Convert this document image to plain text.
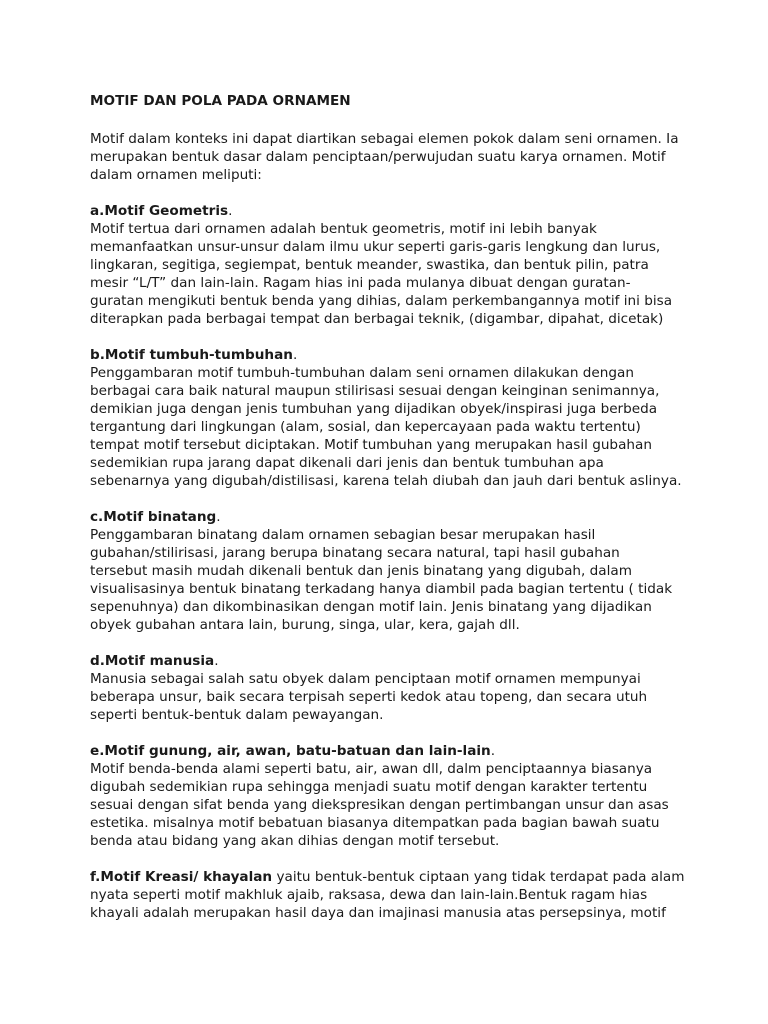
MOTIF DAN POLA PADA ORNAMEN
Motif dalam konteks ini dapat diartikan sebagai elemen pokok dalam seni ornamen. Ia
merupakan bentuk dasar dalam penciptaan/perwujudan suatu karya ornamen. Motif
dalam ornamen meliputi:
a.Motif Geometris.
Motif tertua dari ornamen adalah bentuk geometris, motif ini lebih banyak
memanfaatkan unsur-unsur dalam ilmu ukur seperti garis-garis lengkung dan lurus,
lingkaran, segitiga, segiempat, bentuk meander, swastika, dan bentuk pilin, patra
mesir “L/T” dan lain-lain. Ragam hias ini pada mulanya dibuat dengan guratan-
guratan mengikuti bentuk benda yang dihias, dalam perkembangannya motif ini bisa
diterapkan pada berbagai tempat dan berbagai teknik, (digambar, dipahat, dicetak)
b.Motif tumbuh-tumbuhan.
Penggambaran motif tumbuh-tumbuhan dalam seni ornamen dilakukan dengan
berbagai cara baik natural maupun stilirisasi sesuai dengan keinginan senimannya,
demikian juga dengan jenis tumbuhan yang dijadikan obyek/inspirasi juga berbeda
tergantung dari lingkungan (alam, sosial, dan kepercayaan pada waktu tertentu)
tempat motif tersebut diciptakan. Motif tumbuhan yang merupakan hasil gubahan
sedemikian rupa jarang dapat dikenali dari jenis dan bentuk tumbuhan apa
sebenarnya yang digubah/distilisasi, karena telah diubah dan jauh dari bentuk aslinya.
c.Motif binatang.
Penggambaran binatang dalam ornamen sebagian besar merupakan hasil
gubahan/stilirisasi, jarang berupa binatang secara natural, tapi hasil gubahan
tersebut masih mudah dikenali bentuk dan jenis binatang yang digubah, dalam
visualisasinya bentuk binatang terkadang hanya diambil pada bagian tertentu ( tidak
sepenuhnya) dan dikombinasikan dengan motif lain. Jenis binatang yang dijadikan
obyek gubahan antara lain, burung, singa, ular, kera, gajah dll.
d.Motif manusia.
Manusia sebagai salah satu obyek dalam penciptaan motif ornamen mempunyai
beberapa unsur, baik secara terpisah seperti kedok atau topeng, dan secara utuh
seperti bentuk-bentuk dalam pewayangan.
e.Motif gunung, air, awan, batu-batuan dan lain-lain.
Motif benda-benda alami seperti batu, air, awan dll, dalm penciptaannya biasanya
digubah sedemikian rupa sehingga menjadi suatu motif dengan karakter tertentu
sesuai dengan sifat benda yang diekspresikan dengan pertimbangan unsur dan asas
estetika. misalnya motif bebatuan biasanya ditempatkan pada bagian bawah suatu
benda atau bidang yang akan dihias dengan motif tersebut.
f.Motif Kreasi/ khayalan yaitu bentuk-bentuk ciptaan yang tidak terdapat pada alam
nyata seperti motif makhluk ajaib, raksasa, dewa dan lain-lain.Bentuk ragam hias
khayali adalah merupakan hasil daya dan imajinasi manusia atas persepsinya, motif
